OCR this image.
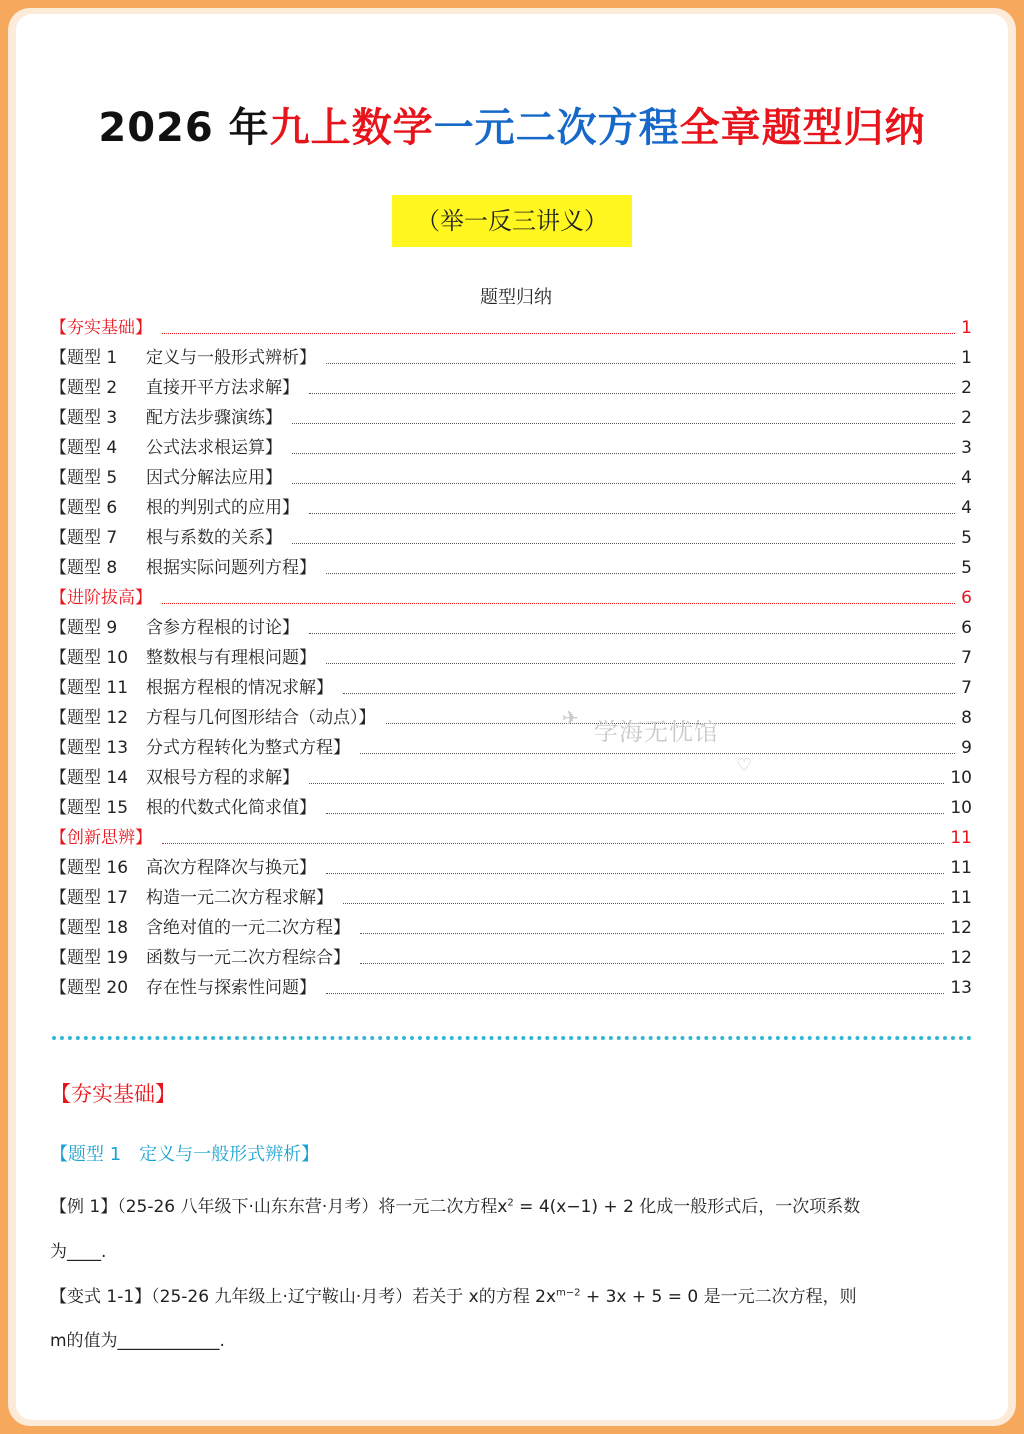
2026 年九上数学一元二次方程全章题型归纳
（举一反三讲义）
题型归纳
【夯实基础】	1
【题型 1	定义与一般形式辨析】	1
【题型 2	直接开平方法求解】	2
【题型 3	配方法步骤演练】	2
【题型 4	公式法求根运算】	3
【题型 5	因式分解法应用】	4
【题型 6	根的判别式的应用】	4
【题型 7	根与系数的关系】	5
【题型 8	根据实际问题列方程】	5
【进阶拔高】	6
【题型 9	含参方程根的讨论】	6
【题型 10	整数根与有理根问题】	7
【题型 11	根据方程根的情况求解】	7
【题型 12	方程与几何图形结合（动点）】	8
【题型 13	分式方程转化为整式方程】	9
【题型 14	双根号方程的求解】	10
【题型 15	根的代数式化简求值】	10
【创新思辨】	11
【题型 16	高次方程降次与换元】	11
【题型 17	构造一元二次方程求解】	11
【题型 18	含绝对值的一元二次方程】	12
【题型 19	函数与一元二次方程综合】	12
【题型 20	存在性与探索性问题】	13
✈ 学海无忧馆
♡
【夯实基础】
【题型 1　定义与一般形式辨析】
【例 1】（25-26 八年级下·山东东营·月考）将一元二次方程$x^2 = 4(x-1) + 2$ 化成一般形式后，一次项系数
为____.
【变式 1-1】（25-26 九年级上·辽宁鞍山·月考）若关于 x的方程 $2x^{m-2} + 3x + 5 = 0$ 是一元二次方程，则
m的值为____________.
